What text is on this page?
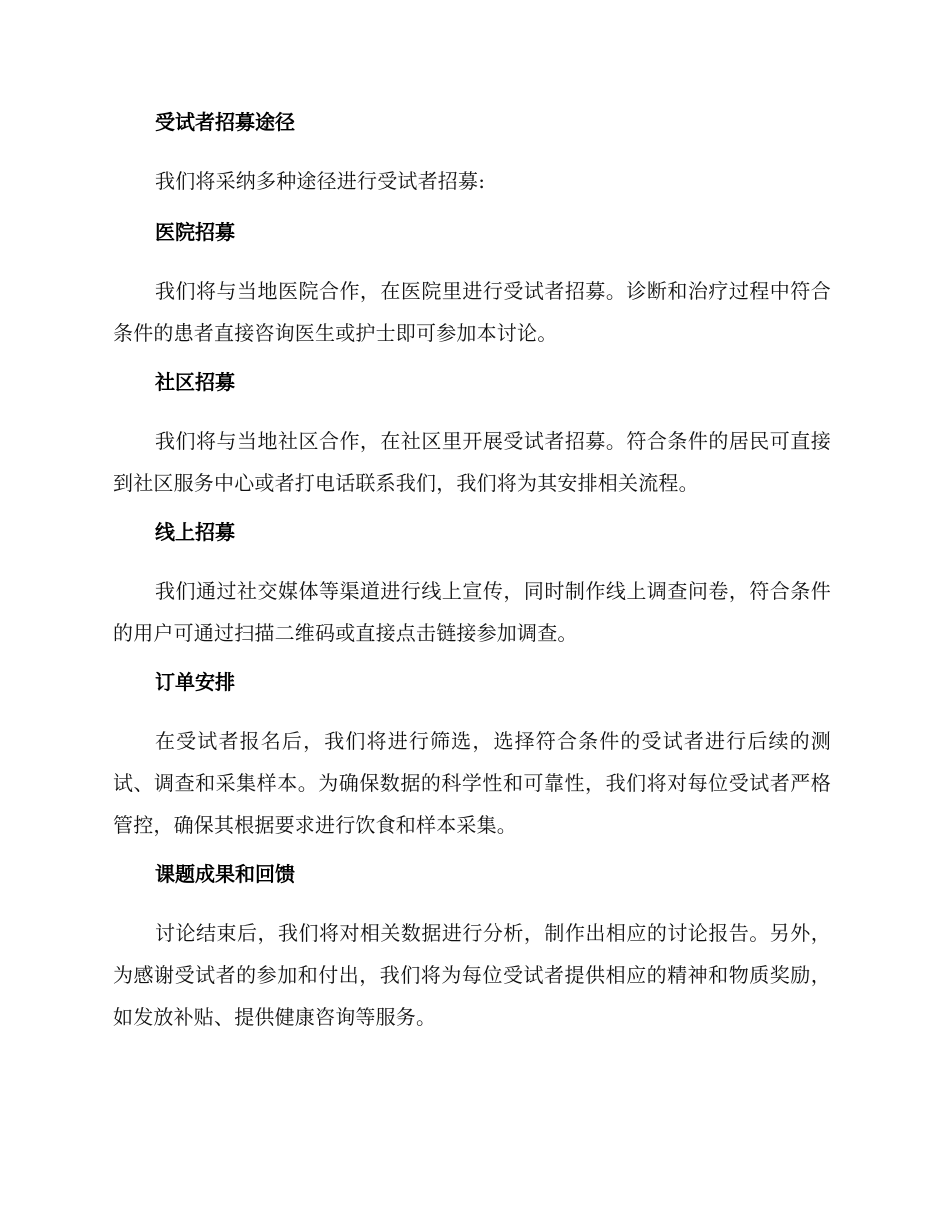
受试者招募途径

我们将采纳多种途径进行受试者招募:

医院招募

我们将与当地医院合作，在医院里进行受试者招募。诊断和治疗过程中符合条件的患者直接咨询医生或护士即可参加本讨论。

社区招募

我们将与当地社区合作，在社区里开展受试者招募。符合条件的居民可直接到社区服务中心或者打电话联系我们，我们将为其安排相关流程。

线上招募

我们通过社交媒体等渠道进行线上宣传，同时制作线上调查问卷，符合条件的用户可通过扫描二维码或直接点击链接参加调查。

订单安排

在受试者报名后，我们将进行筛选，选择符合条件的受试者进行后续的测试、调查和采集样本。为确保数据的科学性和可靠性，我们将对每位受试者严格管控，确保其根据要求进行饮食和样本采集。

课题成果和回馈

讨论结束后，我们将对相关数据进行分析，制作出相应的讨论报告。另外，为感谢受试者的参加和付出，我们将为每位受试者提供相应的精神和物质奖励，如发放补贴、提供健康咨询等服务。
